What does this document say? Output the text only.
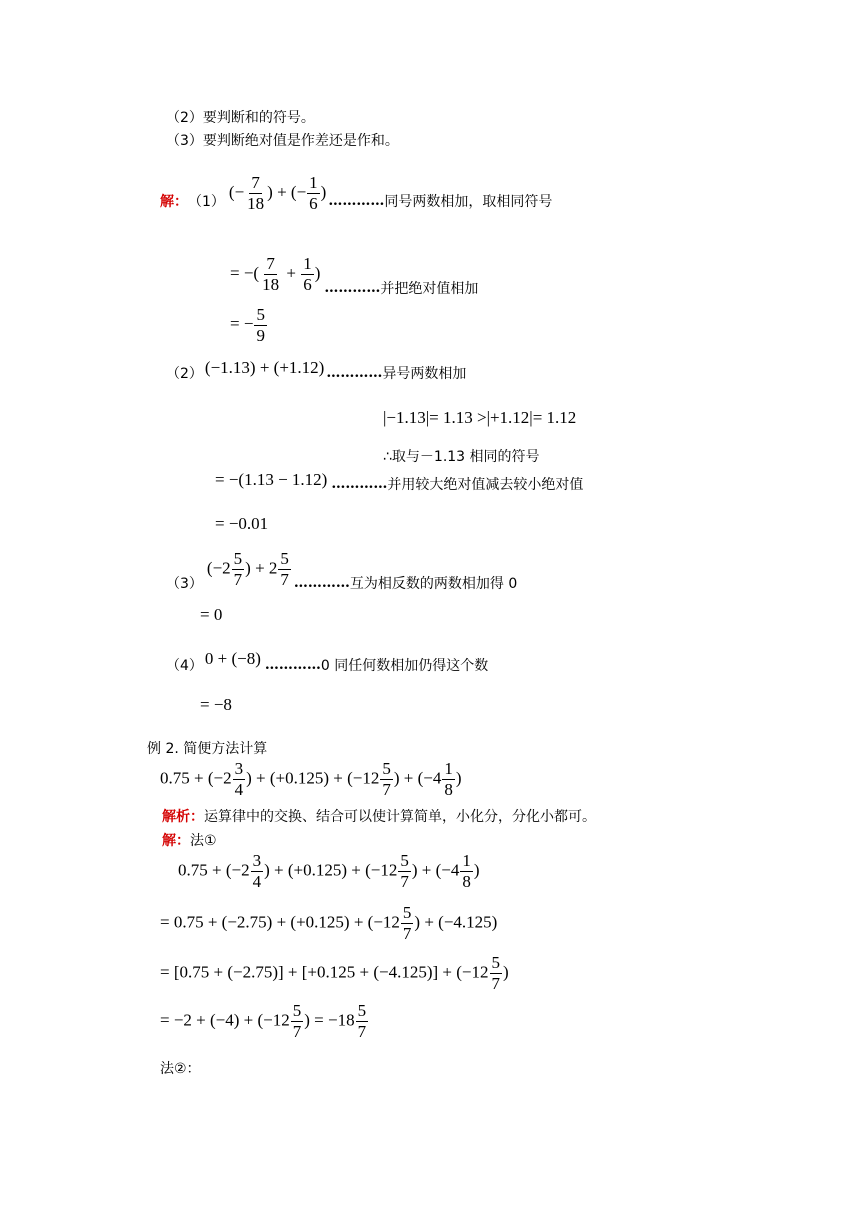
（2）要判断和的符号。
（3）要判断绝对值是作差还是作和。
解： （1）
(− $\frac{7}{18}$ ) + (− $\frac{1}{6}$ )
………… 同号两数相加，取相同符号
= −( $\frac{7}{18} + \frac{1}{6}$ )
………… 并把绝对值相加
= − $\frac{5}{9}$
（2） (−1.13) + (+1.12) ………… 异号两数相加
|−1.13|= 1.13 >|+1.12|= 1.12
∴取与－1.13 相同的符号
= −(1.13 − 1.12) ………… 并用较大绝对值减去较小绝对值
= −0.01
（3）
($-2 \frac{5}{7}$ ) + $2 \frac{5}{7}$ ………… 互为相反数的两数相加得 0
= 0
（4） 0 + (−8) ………… 0 同任何数相加仍得这个数
= −8
例 2. 简便方法计算
$0.75 + (-2 \frac{3}{4}$ ) + $(+0.125) + (-12 \frac{5}{7}$ ) + ($-4 \frac{1}{8}$ )
解析：运算律中的交换、结合可以使计算简单，小化分，分化小都可。
解：法①
$0.75 + (-2 \frac{3}{4}$ ) + $(+0.125) + (-12 \frac{5}{7}$ ) + ($-4 \frac{1}{8}$ )
= $0.75 + (-2.75) + (+0.125) + (-12 \frac{5}{7}$ ) + (−4.125)
= $[0.75 + (-2.75)] + [+0.125 + (-4.125)] + (-12 \frac{5}{7}$ )
= $-2 + (-4) + (-12 \frac{5}{7}$ ) = $-18 \frac{5}{7}$
法②：
